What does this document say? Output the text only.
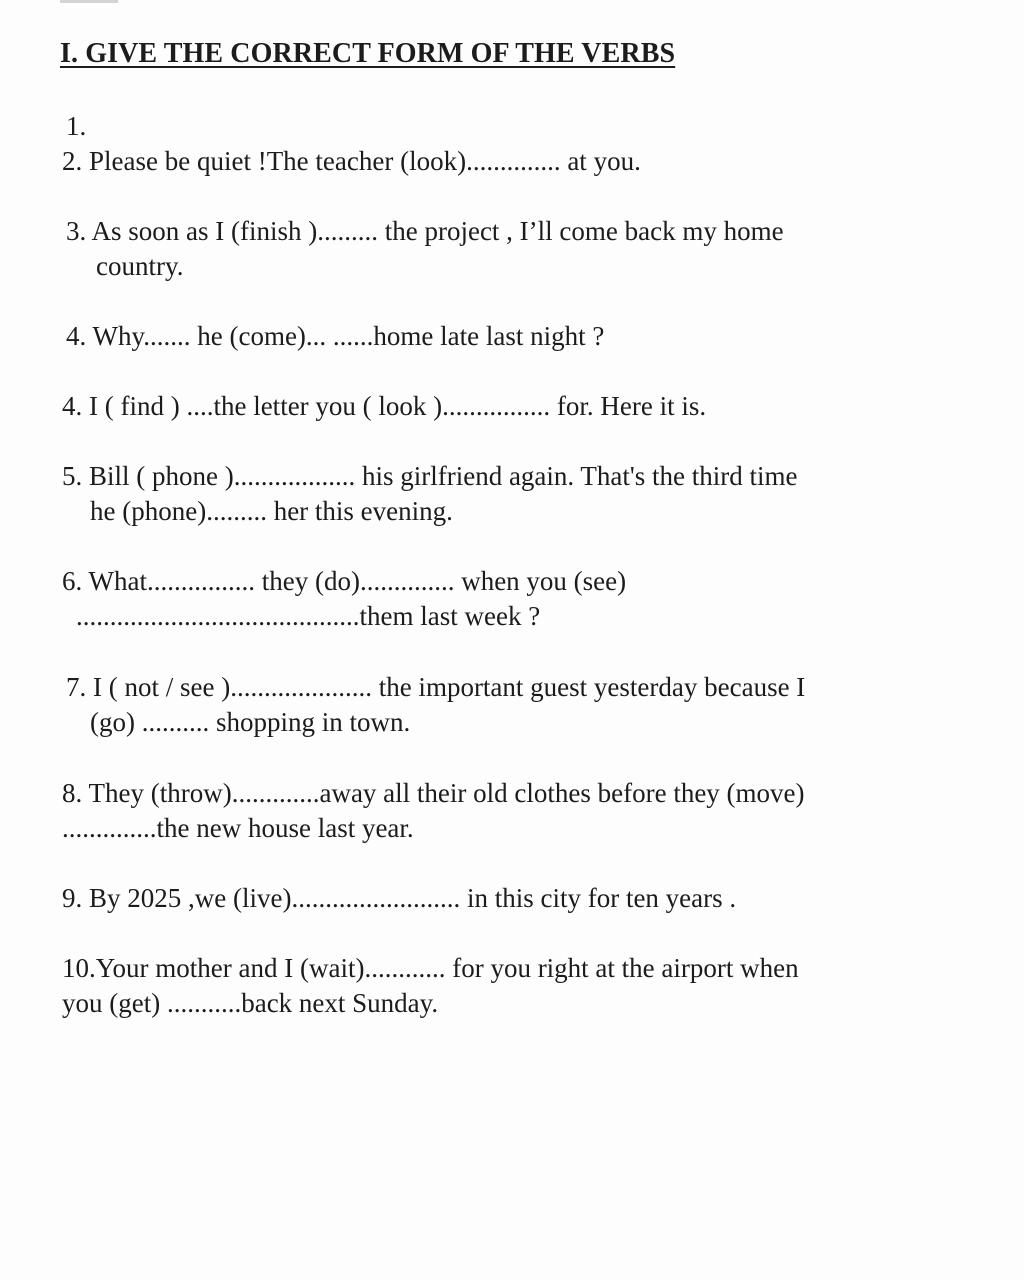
I. GIVE THE CORRECT FORM OF THE VERBS
1.
2. Please be quiet !The teacher (look).............. at you.
3. As soon as I (finish )......... the project , I’ll come back my home
country.
4. Why....... he (come)... ......home late last night ?
4. I ( find ) ....the letter you ( look )................ for. Here it is.
5. Bill ( phone ).................. his girlfriend again. That's the third time
he (phone)......... her this evening.
6. What................ they (do).............. when you (see)
..........................................them last week ?
7. I ( not / see )..................... the important guest yesterday because I
(go) .......... shopping in town.
8. They (throw).............away all their old clothes before they (move)
..............the new house last year.
9. By 2025 ,we (live)......................... in this city for ten years .
10.Your mother and I (wait)............ for you right at the airport when
you (get) ...........back next Sunday.
